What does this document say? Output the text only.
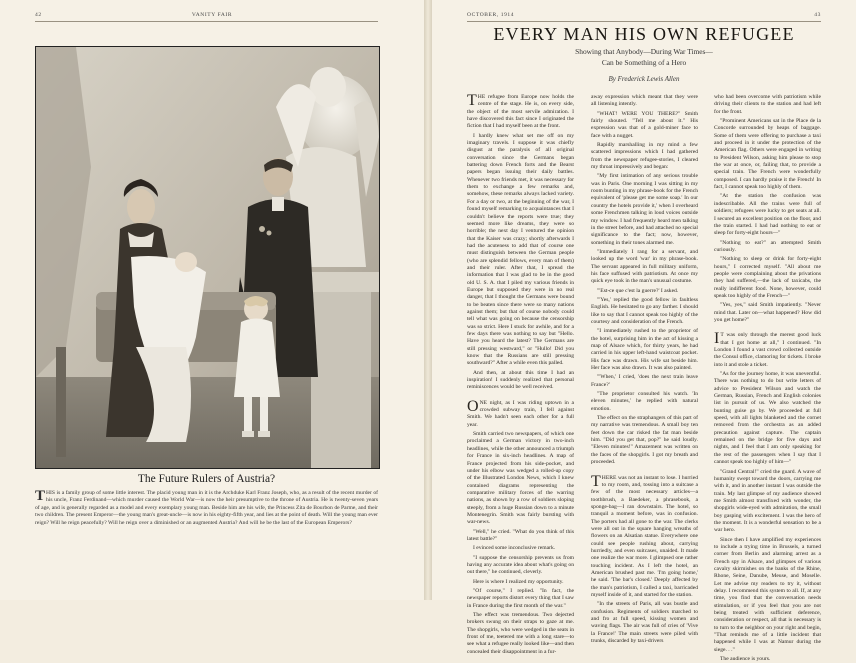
42	VANITY FAIR
The Future Rulers of Austria?
THIS is a family group of some little interest. The placid young man in it is the Archduke Karl Franz Joseph, who, as a result of the recent murder of his uncle, Franz Ferdinand—which murder caused the World War—is now the heir presumptive to the throne of Austria. He is twenty-seven years of age, and is generally regarded as a model and every exemplary young man. Beside him are his wife, the Princess Zita de Bourbon de Parme, and their two children. The present Emperor—the young man's great-uncle—is now in his eighty-fifth year, and lies at the point of death. Will the young man ever reign? Will he reign peacefully? Will he reign over a diminished or an augmented Austria? And will he be the last of the European Emperors?
OCTOBER, 1914	43
EVERY MAN HIS OWN REFUGEE
Showing that Anybody—During War Times—
Can be Something of a Hero
By Frederick Lewis Allen

THE refugee from Europe now holds the centre of the stage. He is, on every side, the object of the most servile admiration. I have discovered this fact since I originated the fiction that I had myself been at the front.

I hardly knew what set me off on my imaginary travels. I suppose it was chiefly disgust at the paralysis of all original conversation since the Germans began battering down French forts and the Bearst papers began issuing their daily battles. Whenever two friends met, it was necessary for them to exchange a few remarks and, somehow, these remarks always lacked variety. For a day or two, at the beginning of the war, I found myself remarking to acquaintances that I couldn't believe the reports were true; they seemed more like dreams, they were so horrible; the next day I ventured the opinion that the Kaiser was crazy; shortly afterwards I had the acuteness to add that of course one must distinguish between the German people (who are splendid fellows, every man of them) and their ruler. After that, I spread the information that I was glad to be in the good old U. S. A. that I piled my various friends in Europe but supposed they were in no real danger, that I thought the Germans were bound to be beaten since there were so many nations against them; but that of course nobody could tell what was going on because the censorship was so strict. Here I stuck for awhile, and for a few days there was nothing to say but "Hello. Have you heard the latest? The Germans are still pressing westward," or "Hullo! Did you know that the Russians are still pressing southward?" After a while even this palled.

And then, at about this time I had an inspiration! I suddenly realized that personal reminiscences would be well received.

ONE night, as I was riding uptown in a crowded subway train, I fell against Smith. We hadn't seen each other for a full year.

Smith carried two newspapers, of which one proclaimed a German victory in two-inch headlines, while the other announced a triumph for France in six-inch headlines. A map of France projected from his side-pocket, and under his elbow was wedged a rolled-up copy of the Illustrated London News, which I knew contained diagrams representing the comparative military forces of the warring nations, as shown by a row of soldiers sloping steeply, from a huge Russian down to a minute Montenegrin. Smith was fairly bursting with war-news.

"Well," he cried. "What do you think of this latest battle?"

I evinced some inconclusive remark.

"I suppose the censorship prevents us from having any accurate idea about what's going on out there," he continued, cleverly.

Here is where I realized my opportunity.

"Of course," I replied. "In fact, the newspaper reports distort every thing that I saw in France during the first month of the war."

The effect was tremendous. Two dejected brokers swung on their straps to gaze at me. The shopgirls, who were wedged in the seats in front of me, teetered me with a long stare—to see what a refugee really looked like—and then concealed their disappointment in a fur-

away expression which meant that they were all listening intently.

"WHAT! WERE YOU THERE?" Smith fairly shouted. "Tell me about it." His expression was that of a gold-miner face to face with a nugget.

Rapidly marshalling in my mind a few scattered impressions which I had gathered from the newspaper refugee-stories, I cleared my throat impressively and began:

"My first intimation of any serious trouble was in Paris. One morning I was sitting in my room bunting in my phrase-book for the French equivalent of 'please get me some soap.' In our country the hotels provide it,' when I overheard some Frenchmen talking in loud voices outside my window. I had frequently heard men talking in the street before, and had attached no special significance to the fact; now, however, something in their tones alarmed me.

"Immediately I rang for a servant, and looked up the word 'war' in my phrase-book. The servant appeared in full military uniform, his face suffused with patriotism. At once my quick eye took in the man's unusual costume.

"'Est-ce que c'est la guerre?' I asked.

"'Yes,' replied the good fellow in faultless English. He hesitated to go any farther. I should like to say that I cannot speak too highly of the courtesy and consideration of the French.

"I immediately rushed to the proprietor of the hotel, surprising him in the act of kissing a map of Alsace which, for thirty years, he had carried in his upper left-hand waistcoat pocket. His face was drawn. His wife sat beside him. Her face was also drawn. It was also painted.

"'When,' I cried, 'does the next train leave France?'

"The proprietor consulted his watch. 'In eleven minutes,' he replied with natural emotion.

The effect on the straphangers of this part of my narrative was tremendous. A small boy ten feet down the car risked the fat man beside him. "Did you get that, pop?" he said loudly. "Eleven minutes!" Amazement was written on the faces of the shopgirls. I got my breath and proceeded.

THERE was not an instant to lose. I hurried to my room, and, tossing into a suitcase a few of the most necessary articles—a toothbrush, a Baedeker, a phrasebook, a sponge-bag—I ran downstairs. The hotel, so tranquil a moment before, was in confusion. The porters had all gone to the war. The clerks were all out in the square hanging wreaths of flowers on an Alsatian statue. Everywhere one could see people rushing about, carrying hurriedly, and even suitcases, unaided. It made one realize the war more. I glimpsed one rather touching incident. As I left the hotel, an American brushed past me. 'I'm going home,' he said. 'The bar's closed.' Deeply affected by the man's patriotism, I called a taxi, barricaded myself inside of it, and started for the station.

"In the streets of Paris, all was bustle and confusion. Regiments of soldiers marched to and fro at full speed, kissing women and waving flags. The air was full of cries of 'Vive la France!' The main streets were piled with trunks, discarded by taxi-drivers

who had been overcome with patriotism while driving their clients to the station and had left for the front.

"Prominent Americans sat in the Place de la Concorde surrounded by heaps of baggage. Some of them were offering to purchase a taxi and proceed in it under the protection of the American flag. Others were engaged in writing to President Wilson, asking him please to stop the war at once, or, failing that, to provide a special train. The French were wonderfully composed. I can hardly praise it the French! In fact, I cannot speak too highly of them.

"At the station the confusion was indescribable. All the trains were full of soldiers; refugees were lucky to get seats at all. I secured an excellent position on the floor, and the train started. I had had nothing to eat or sleep for forty-eight hours—"

"Nothing to eat?" an attempted Smith curiously.

"Nothing to sleep or drink for forty-eight hours," I corrected myself. "All about me people were complaining about the privations they had suffered,—the lack of taxicabs, the really indifferent food. None, however, could speak too highly of the French—"

"Yes, yes," said Smith impatiently. "Never mind that. Later on—what happened? How did you get home?"

I T was only through the merest good luck that I got home at all," I continued. "In London I found a vast crowd collected outside the Consul office, clamoring for tickets. I broke into it and stole a ticket.

"As for the journey home, it was uneventful. There was nothing to do but write letters of advice to President Wilson and watch the German, Russian, French and English colonies list in pursuit of us. We also watched the bunting guise go by. We proceeded at full speed, with all lights blanketed and the cornet removed from the orchestra as an added precaution against capture. The captain remained on the bridge for five days and nights, and I feel that I am only speaking for the rest of the passengers when I say that I cannot speak too highly of him—"

"Grand Central!" cried the guard. A wave of humanity swept toward the doors, carrying me with it, and in another instant I was outside the train. My last glimpse of my audience showed me Smith almost transfixed with wonder, the shopgirls wide-eyed with admiration, the small boy gasping with excitement. I was the hero of the moment. It is a wonderful sensation to be a war hero.

Since then I have amplified my experiences to include a trying time in Brussels, a turned corner from Berlin and alarming arrest as a French spy in Alsace, and glimpses of various cavalry skirmishes on the banks of the Rhine, Rhone, Seine, Danube, Meuse, and Moselle. Let me advise my readers to try it, without delay. I recommend this system to all. If, at any time, you find that the conversation needs stimulation, or if you feel that you are not being treated with sufficient deference, consideration or respect, all that is necessary is to turn to the neighbor on your right and begin, "That reminds me of a little incident that happened while I was at Namur during the siege. . ."

The audience is yours.
